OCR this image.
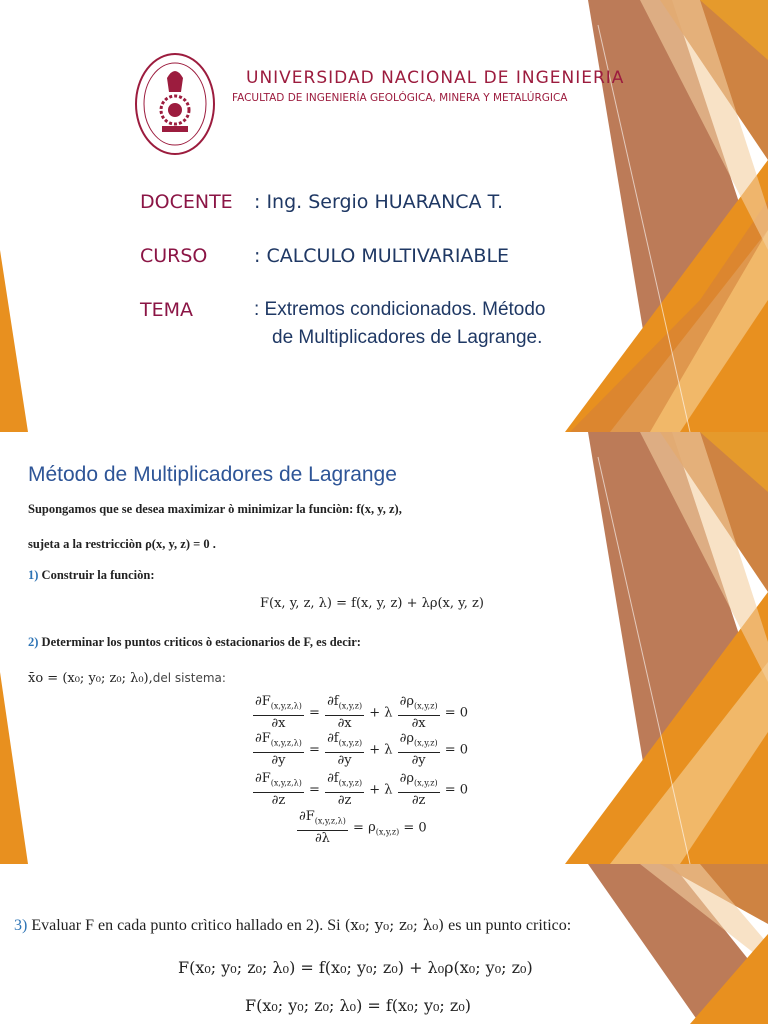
UNIVERSIDAD NACIONAL DE INGENIERIA
FACULTAD DE INGENIERÍA GEOLÓGICA, MINERA Y METALÚRGICA
DOCENTE : Ing. Sergio HUARANCA T.
CURSO : CALCULO MULTIVARIABLE
TEMA	: Extremos condicionados. Método
de Multiplicadores de Lagrange.
Método de Multiplicadores de Lagrange
Supongamos que se desea maximizar ò minimizar la funciòn: f(x, y, z),
sujeta a la restricciòn ρ(x, y, z) = 0 .
1) Construir la funciòn:
F(x, y, z, λ) = f(x, y, z) + λρ(x, y, z)
2) Determinar los puntos criticos ò estacionarios de F, es decir:
x̄o = (x₀; y₀; z₀; λ₀),del sistema:
$\frac{\partial F_{(x,y,z,\lambda)}}{\partial x} = \frac{\partial f_{(x,y,z)}}{\partial x} + \lambda \frac{\partial\rho_{(x,y,z)}}{\partial x} = 0$
$\frac{\partial F_{(x,y,z,\lambda)}}{\partial y} = \frac{\partial f_{(x,y,z)}}{\partial y} + \lambda \frac{\partial\rho_{(x,y,z)}}{\partial y} = 0$
$\frac{\partial F_{(x,y,z,\lambda)}}{\partial z} = \frac{\partial f_{(x,y,z)}}{\partial z} + \lambda \frac{\partial\rho_{(x,y,z)}}{\partial z} = 0$
$\frac{\partial F_{(x,y,z,\lambda)}}{\partial\lambda} = \rho_{(x,y,z)} = 0$
3) Evaluar F en cada punto crìtico hallado en 2). Si (x₀; y₀; z₀; λ₀) es un punto critico:
F(x₀; y₀; z₀; λ₀) = f(x₀; y₀; z₀) + λ₀ρ(x₀; y₀; z₀)
F(x₀; y₀; z₀; λ₀) = f(x₀; y₀; z₀)
